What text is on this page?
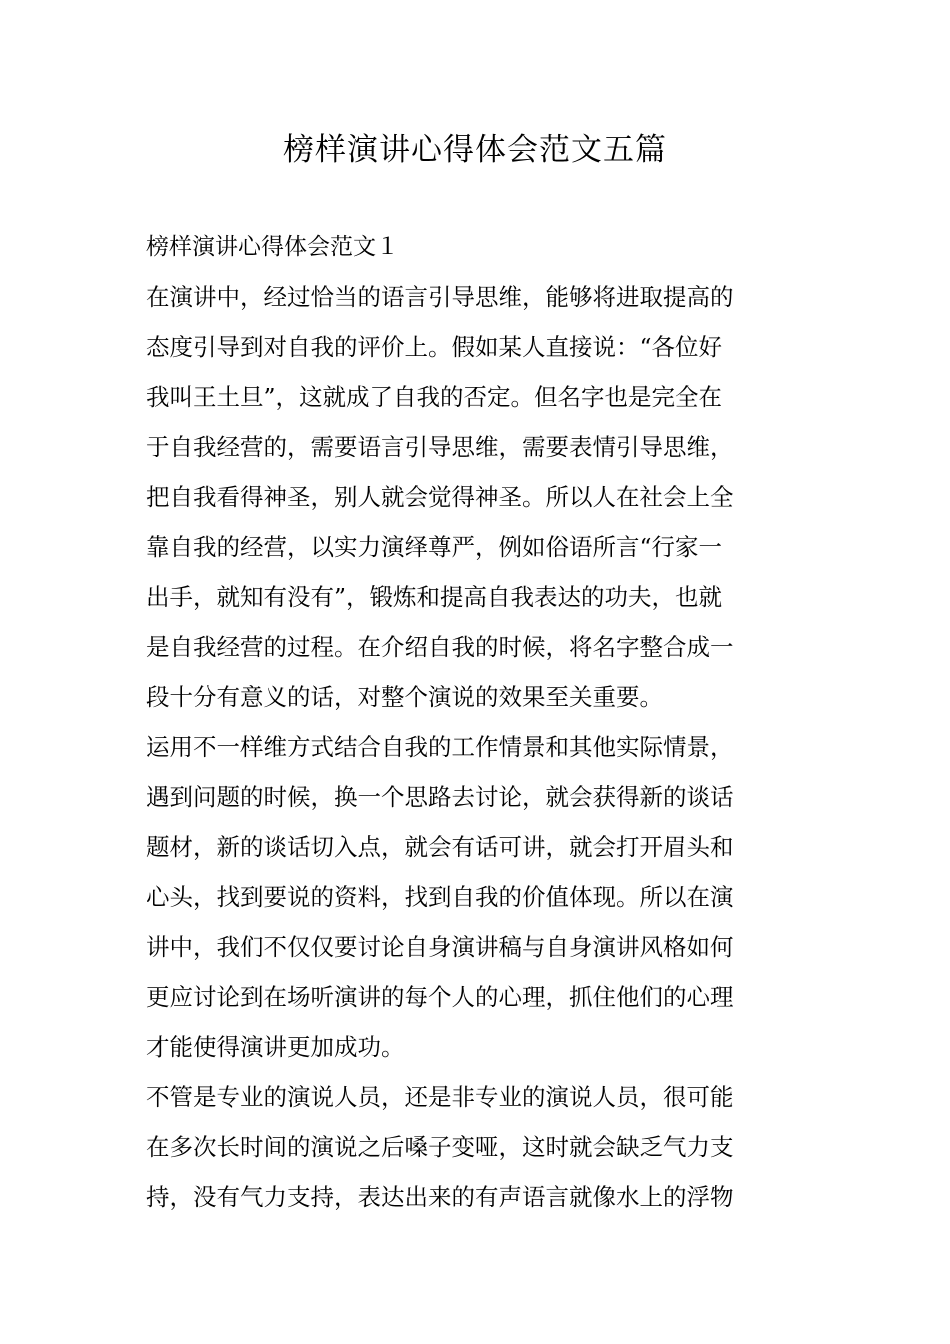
榜样演讲心得体会范文五篇
榜样演讲心得体会范文１
在演讲中，经过恰当的语言引导思维，能够将进取提高的
态度引导到对自我的评价上。假如某人直接说：“各位好
我叫王土旦”，这就成了自我的否定。但名字也是完全在
于自我经营的，需要语言引导思维，需要表情引导思维，
把自我看得神圣，别人就会觉得神圣。所以人在社会上全
靠自我的经营，以实力演绎尊严，例如俗语所言“行家一
出手，就知有没有”，锻炼和提高自我表达的功夫，也就
是自我经营的过程。在介绍自我的时候，将名字整合成一
段十分有意义的话，对整个演说的效果至关重要。
运用不一样维方式结合自我的工作情景和其他实际情景，
遇到问题的时候，换一个思路去讨论，就会获得新的谈话
题材，新的谈话切入点，就会有话可讲，就会打开眉头和
心头，找到要说的资料，找到自我的价值体现。所以在演
讲中，我们不仅仅要讨论自身演讲稿与自身演讲风格如何
更应讨论到在场听演讲的每个人的心理，抓住他们的心理
才能使得演讲更加成功。
不管是专业的演说人员，还是非专业的演说人员，很可能
在多次长时间的演说之后嗓子变哑，这时就会缺乏气力支
持，没有气力支持，表达出来的有声语言就像水上的浮物
